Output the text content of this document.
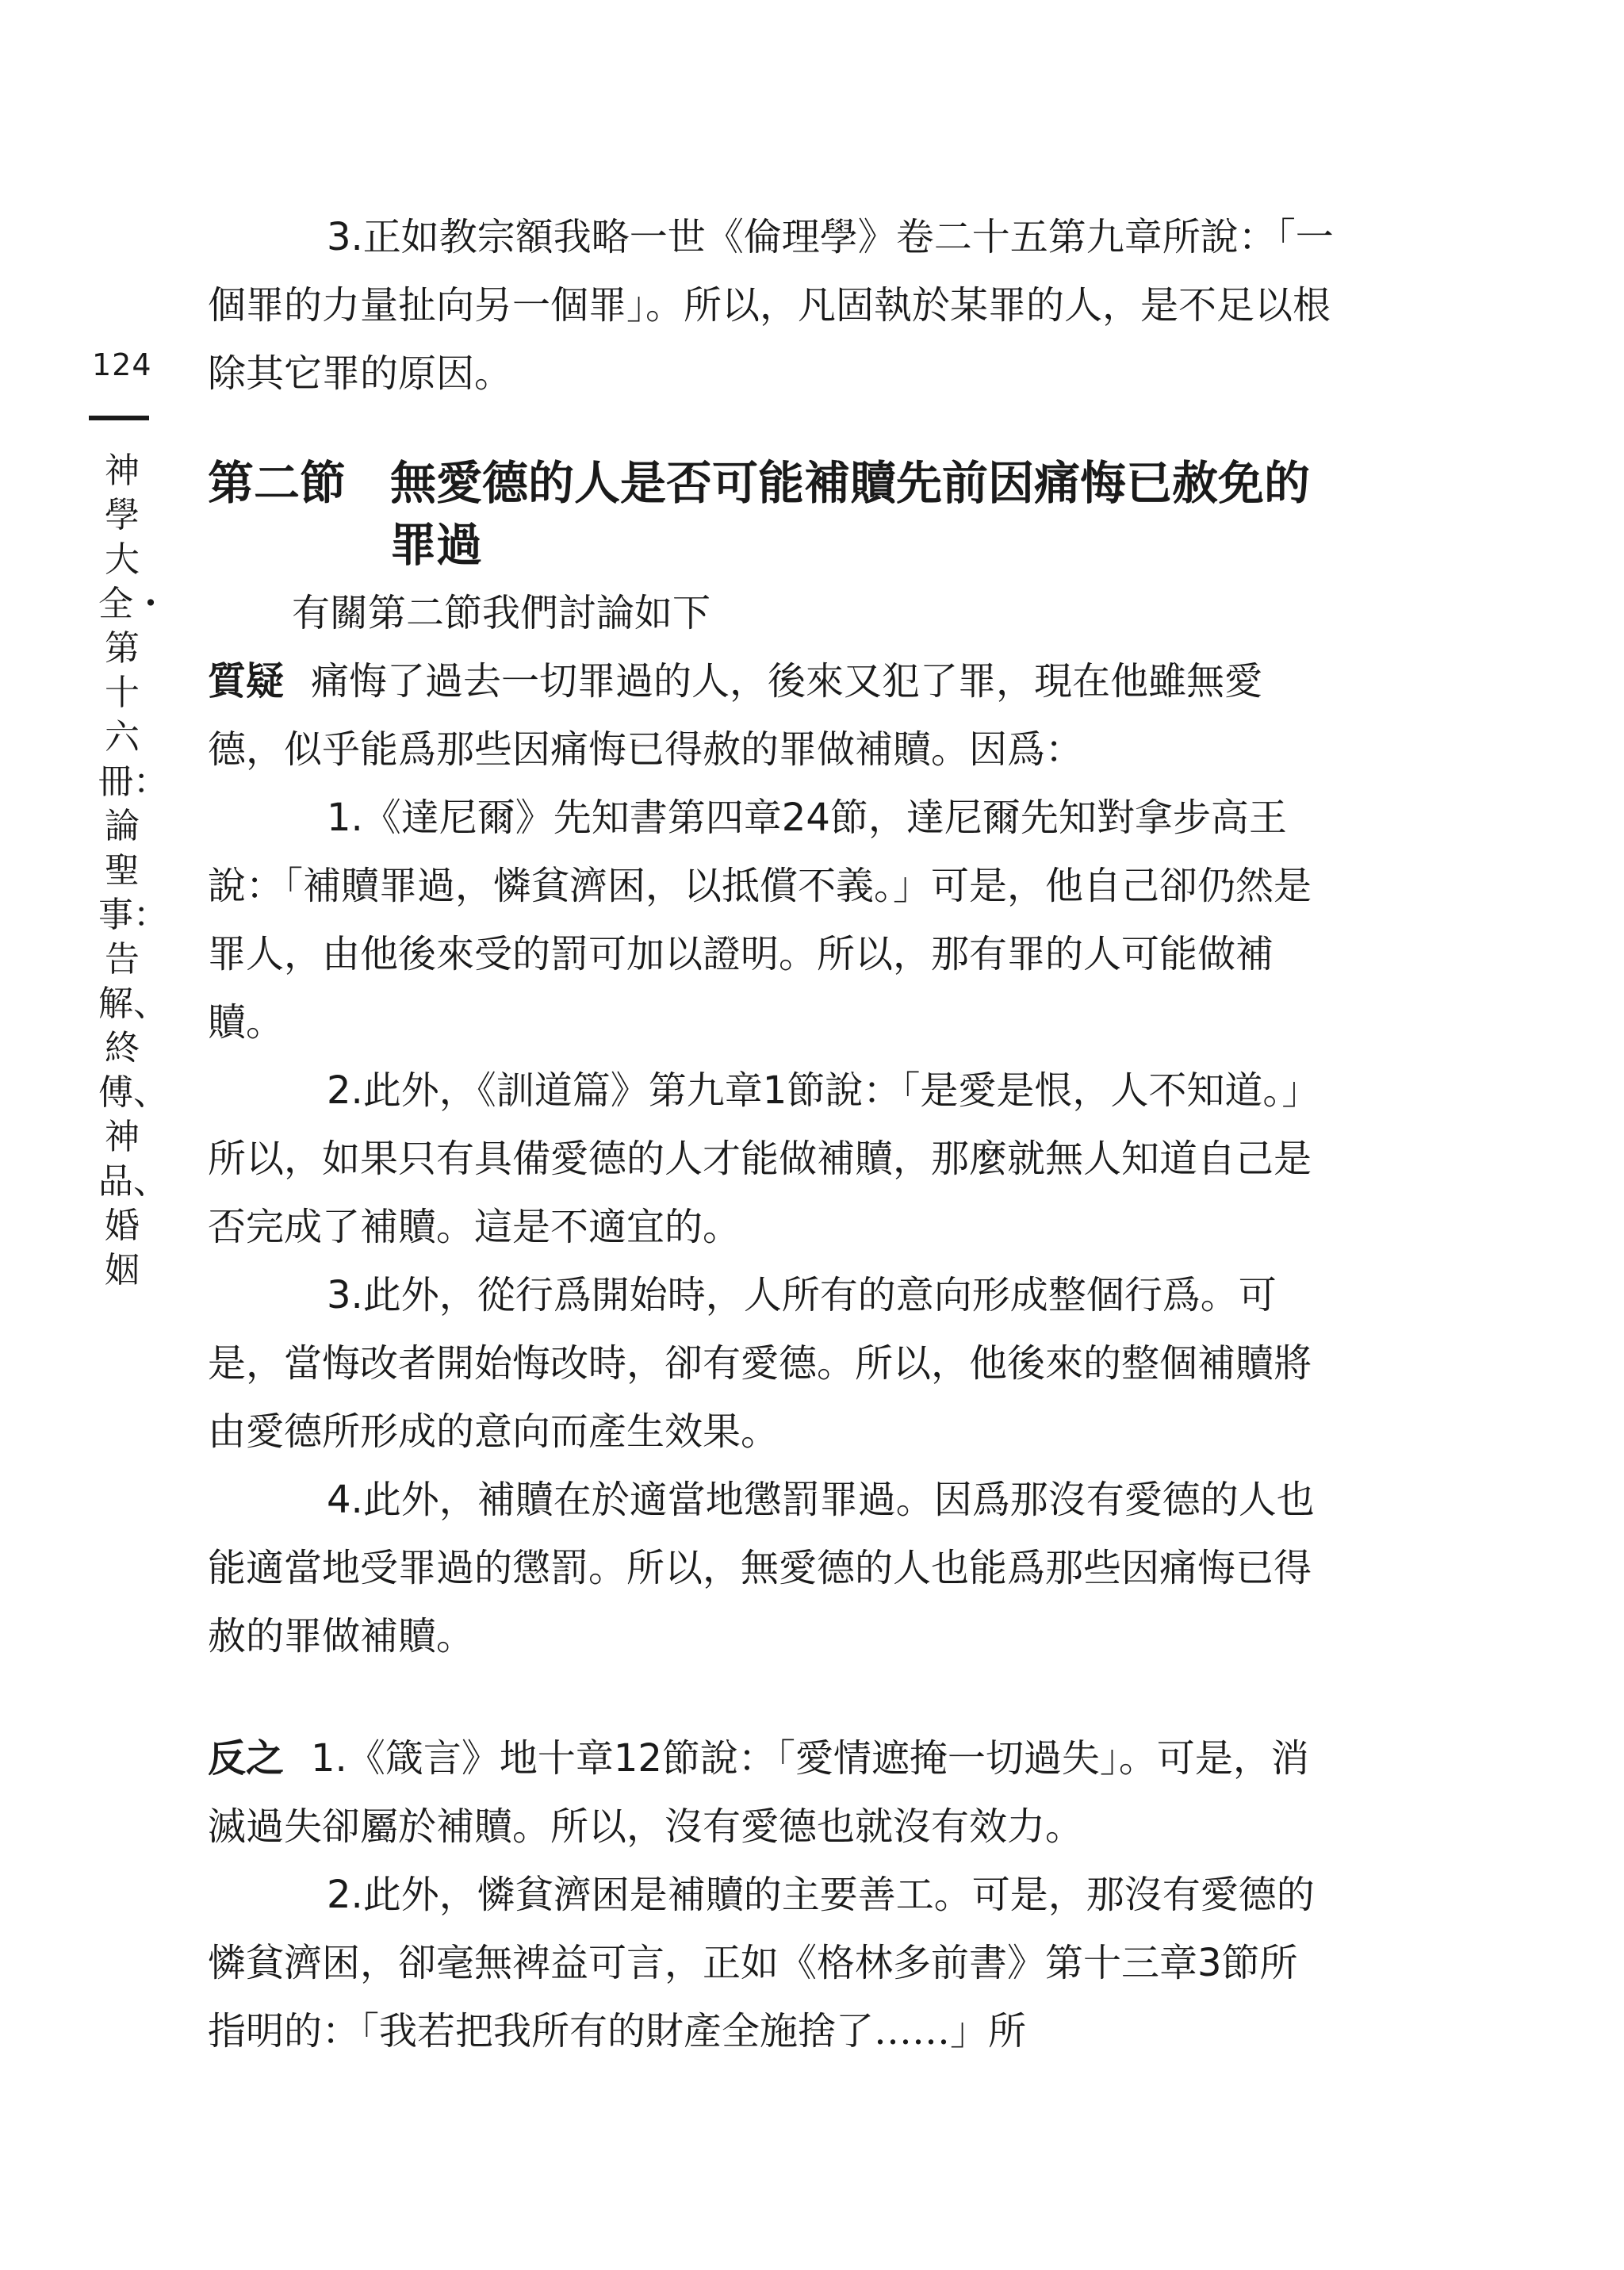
124
神學大全・第十六冊：論聖事：告解、終傅、神品、婚姻

3.正如教宗額我略一世《倫理學》卷二十五第九章所說：「一個罪的力量扯向另一個罪」。所以，凡固執於某罪的人，是不足以根除其它罪的原因。

第二節 無愛德的人是否可能補贖先前因痛悔已赦免的罪過

有關第二節我們討論如下

質疑 痛悔了過去一切罪過的人，後來又犯了罪，現在他雖無愛德，似乎能爲那些因痛悔已得赦的罪做補贖。因爲：

1.《達尼爾》先知書第四章24節，達尼爾先知對拿步高王說：「補贖罪過，憐貧濟困，以抵償不義。」可是，他自己卻仍然是罪人，由他後來受的罰可加以證明。所以，那有罪的人可能做補贖。

2.此外，《訓道篇》第九章1節說：「是愛是恨，人不知道。」所以，如果只有具備愛德的人才能做補贖，那麼就無人知道自己是否完成了補贖。這是不適宜的。

3.此外，從行爲開始時，人所有的意向形成整個行爲。可是，當悔改者開始悔改時，卻有愛德。所以，他後來的整個補贖將由愛德所形成的意向而產生效果。

4.此外，補贖在於適當地懲罰罪過。因爲那沒有愛德的人也能適當地受罪過的懲罰。所以，無愛德的人也能爲那些因痛悔已得赦的罪做補贖。

反之 1.《箴言》地十章12節說：「愛情遮掩一切過失」。可是，消滅過失卻屬於補贖。所以，沒有愛德也就沒有效力。

2.此外，憐貧濟困是補贖的主要善工。可是，那沒有愛德的憐貧濟困，卻毫無裨益可言，正如《格林多前書》第十三章3節所指明的：「我若把我所有的財產全施捨了……」所
